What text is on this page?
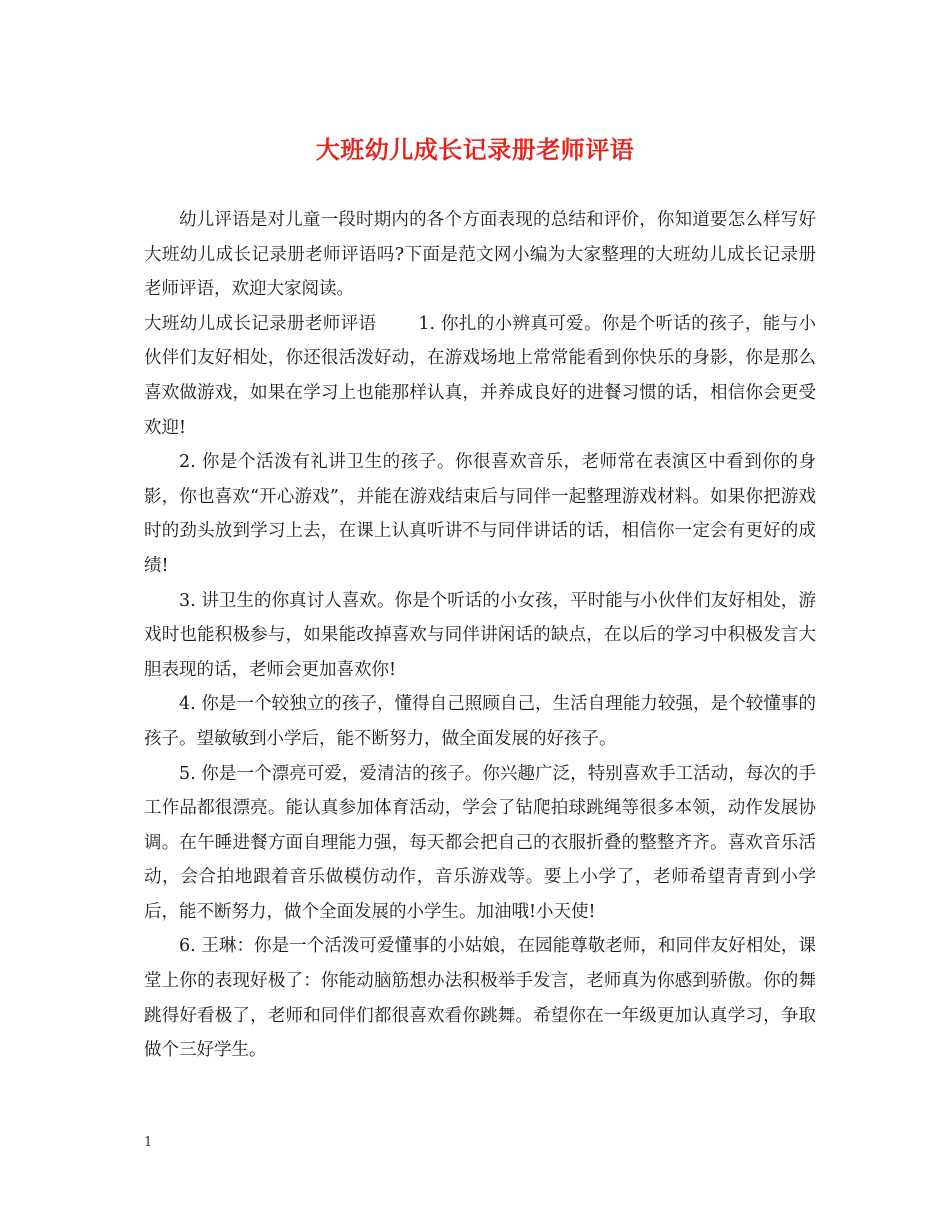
大班幼儿成长记录册老师评语

幼儿评语是对儿童一段时期内的各个方面表现的总结和评价，你知道要怎么样写好大班幼儿成长记录册老师评语吗?下面是范文网小编为大家整理的大班幼儿成长记录册老师评语，欢迎大家阅读。

大班幼儿成长记录册老师评语 1. 你扎的小辨真可爱。你是个听话的孩子，能与小伙伴们友好相处，你还很活泼好动，在游戏场地上常常能看到你快乐的身影，你是那么喜欢做游戏，如果在学习上也能那样认真，并养成良好的进餐习惯的话，相信你会更受欢迎!

2. 你是个活泼有礼讲卫生的孩子。你很喜欢音乐，老师常在表演区中看到你的身影，你也喜欢“开心游戏”，并能在游戏结束后与同伴一起整理游戏材料。如果你把游戏时的劲头放到学习上去，在课上认真听讲不与同伴讲话的话，相信你一定会有更好的成绩!

3. 讲卫生的你真讨人喜欢。你是个听话的小女孩，平时能与小伙伴们友好相处，游戏时也能积极参与，如果能改掉喜欢与同伴讲闲话的缺点，在以后的学习中积极发言大胆表现的话，老师会更加喜欢你!

4. 你是一个较独立的孩子，懂得自己照顾自己，生活自理能力较强，是个较懂事的孩子。望敏敏到小学后，能不断努力，做全面发展的好孩子。

5. 你是一个漂亮可爱，爱清洁的孩子。你兴趣广泛，特别喜欢手工活动，每次的手工作品都很漂亮。能认真参加体育活动，学会了钻爬拍球跳绳等很多本领，动作发展协调。在午睡进餐方面自理能力强，每天都会把自己的衣服折叠的整整齐齐。喜欢音乐活动，会合拍地跟着音乐做模仿动作，音乐游戏等。要上小学了，老师希望青青到小学后，能不断努力，做个全面发展的小学生。加油哦!小天使!

6. 王琳：你是一个活泼可爱懂事的小姑娘，在园能尊敬老师，和同伴友好相处，课堂上你的表现好极了：你能动脑筋想办法积极举手发言，老师真为你感到骄傲。你的舞跳得好看极了，老师和同伴们都很喜欢看你跳舞。希望你在一年级更加认真学习，争取做个三好学生。

1
